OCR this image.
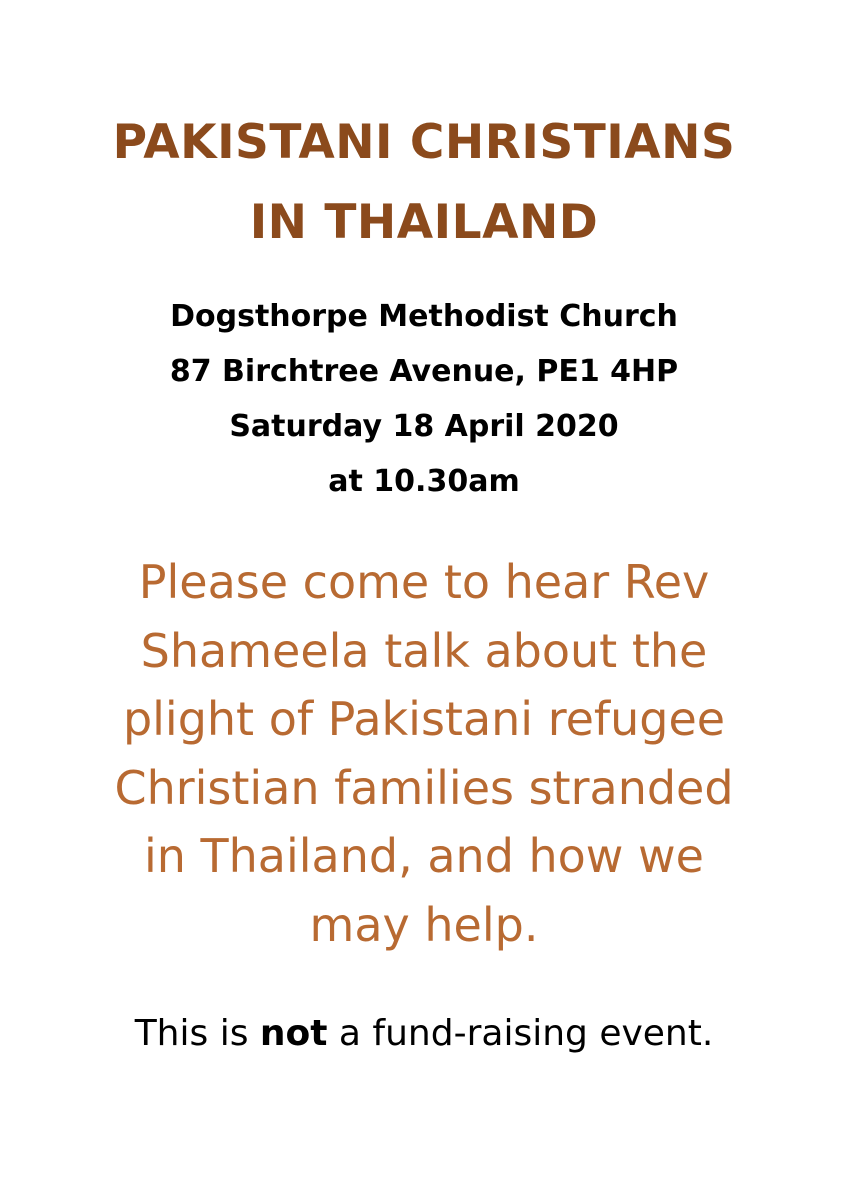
PAKISTANI CHRISTIANS
IN THAILAND
Dogsthorpe Methodist Church
87 Birchtree Avenue, PE1 4HP
Saturday 18 April 2020
at 10.30am
Please come to hear Rev
Shameela talk about the
plight of Pakistani refugee
Christian families stranded
in Thailand, and how we
may help.
This is not a fund-raising event.
